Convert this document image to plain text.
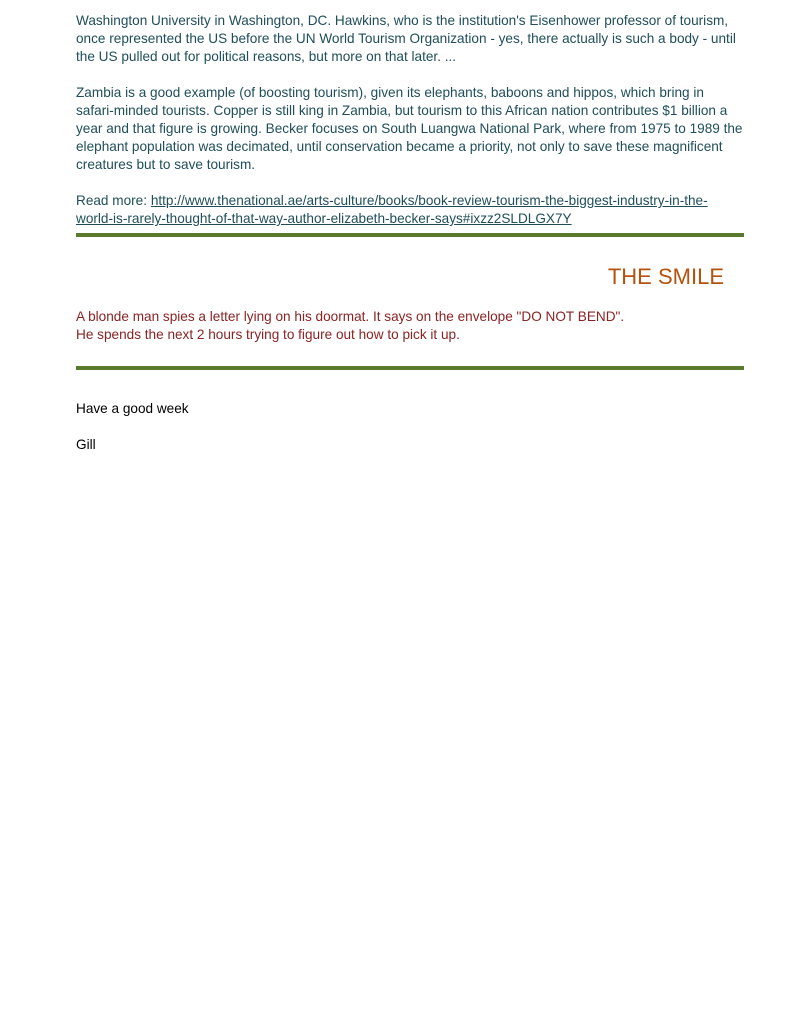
Washington University in Washington, DC. Hawkins, who is the institution's Eisenhower professor of tourism, once represented the US before the UN World Tourism Organization - yes, there actually is such a body - until the US pulled out for political reasons, but more on that later. ...

Zambia is a good example (of boosting tourism), given its elephants, baboons and hippos, which bring in safari-minded tourists. Copper is still king in Zambia, but tourism to this African nation contributes $1 billion a year and that figure is growing. Becker focuses on South Luangwa National Park, where from 1975 to 1989 the elephant population was decimated, until conservation became a priority, not only to save these magnificent creatures but to save tourism.

Read more: http://www.thenational.ae/arts-culture/books/book-review-tourism-the-biggest-industry-in-the-world-is-rarely-thought-of-that-way-author-elizabeth-becker-says#ixzz2SLDLGX7Y
THE SMILE
A blonde man spies a letter lying on his doormat. It says on the envelope "DO NOT BEND".
He spends the next 2 hours trying to figure out how to pick it up.
Have a good week
Gill
